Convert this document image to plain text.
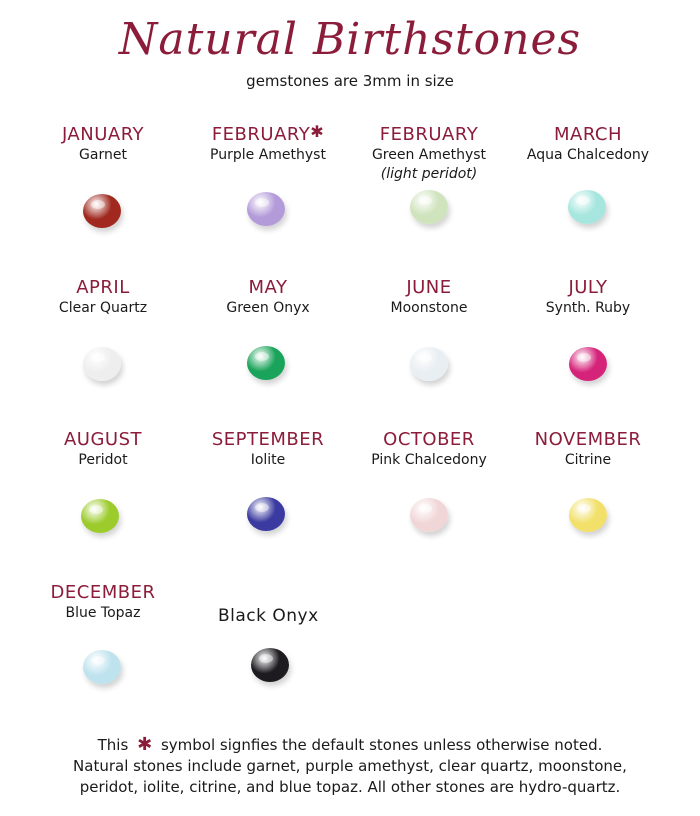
Natural Birthstones
gemstones are 3mm in size
JANUARY
Garnet
FEBRUARY✱
Purple Amethyst
FEBRUARY
Green Amethyst
(light peridot)
MARCH
Aqua Chalcedony
APRIL
Clear Quartz
MAY
Green Onyx
JUNE
Moonstone
JULY
Synth. Ruby
AUGUST
Peridot
SEPTEMBER
Iolite
OCTOBER
Pink Chalcedony
NOVEMBER
Citrine
DECEMBER
Blue Topaz	Black Onyx
This ✱ symbol signfies the default stones unless otherwise noted.
Natural stones include garnet, purple amethyst, clear quartz, moonstone,
peridot, iolite, citrine, and blue topaz. All other stones are hydro-quartz.
